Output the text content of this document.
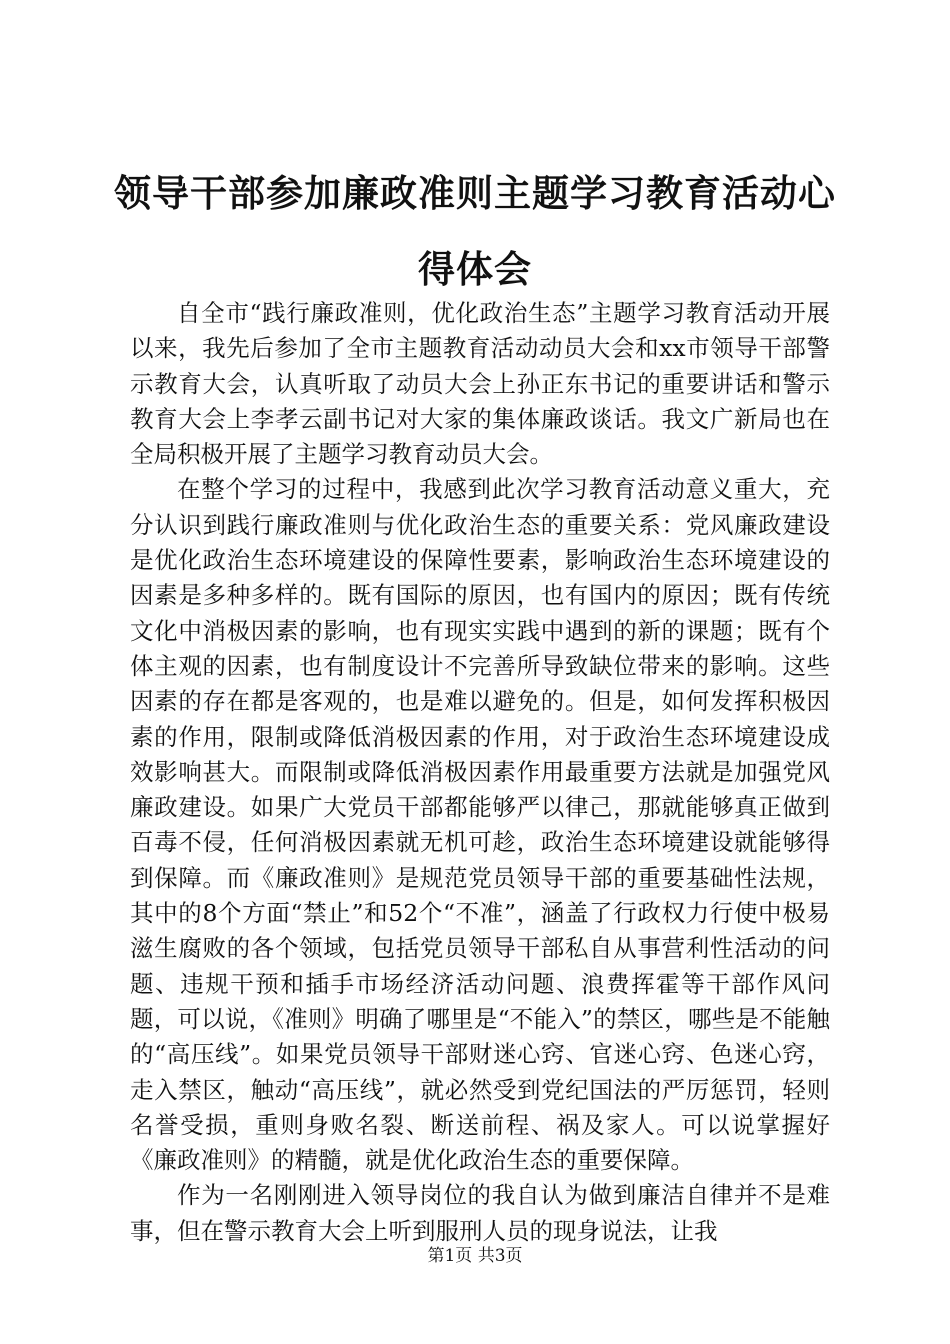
领导干部参加廉政准则主题学习教育活动心得体会

自全市“践行廉政准则，优化政治生态”主题学习教育活动开展以来，我先后参加了全市主题教育活动动员大会和xx市领导干部警示教育大会，认真听取了动员大会上孙正东书记的重要讲话和警示教育大会上李孝云副书记对大家的集体廉政谈话。我文广新局也在全局积极开展了主题学习教育动员大会。

在整个学习的过程中，我感到此次学习教育活动意义重大，充分认识到践行廉政准则与优化政治生态的重要关系：党风廉政建设是优化政治生态环境建设的保障性要素，影响政治生态环境建设的因素是多种多样的。既有国际的原因，也有国内的原因；既有传统文化中消极因素的影响，也有现实实践中遇到的新的课题；既有个体主观的因素，也有制度设计不完善所导致缺位带来的影响。这些因素的存在都是客观的，也是难以避免的。但是，如何发挥积极因素的作用，限制或降低消极因素的作用，对于政治生态环境建设成效影响甚大。而限制或降低消极因素作用最重要方法就是加强党风廉政建设。如果广大党员干部都能够严以律己，那就能够真正做到百毒不侵，任何消极因素就无机可趁，政治生态环境建设就能够得到保障。而《廉政准则》是规范党员领导干部的重要基础性法规，其中的8个方面“禁止”和52个“不准”，涵盖了行政权力行使中极易滋生腐败的各个领域，包括党员领导干部私自从事营利性活动的问题、违规干预和插手市场经济活动问题、浪费挥霍等干部作风问题，可以说，《准则》明确了哪里是“不能入”的禁区，哪些是不能触的“高压线”。如果党员领导干部财迷心窍、官迷心窍、色迷心窍，走入禁区，触动“高压线”，就必然受到党纪国法的严厉惩罚，轻则名誉受损，重则身败名裂、断送前程、祸及家人。可以说掌握好《廉政准则》的精髓，就是优化政治生态的重要保障。

作为一名刚刚进入领导岗位的我自认为做到廉洁自律并不是难事，但在警示教育大会上听到服刑人员的现身说法，让我

第1页 共3页
